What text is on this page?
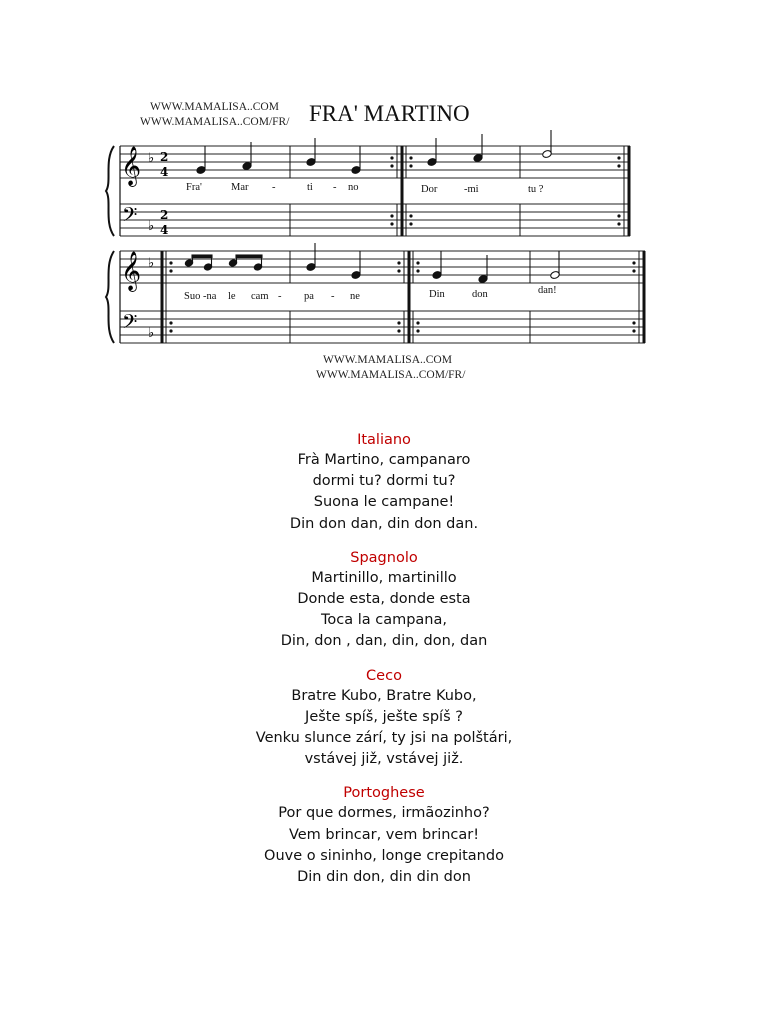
WWW.MAMALISA..COM
WWW.MAMALISA..COM/FR/ FRA' MARTINO
𝄞
𝄢
♭
♭
2
4
2
4
Fra'	Mar -	ti - no	Dor	-mi	tu ?
𝄞
𝄢
♭
♭
Suo -na le cam - pa - ne	Din	don	dan!
WWW.MAMALISA..COM
WWW.MAMALISA..COM/FR/
Italiano
Frà Martino, campanaro
dormi tu? dormi tu?
Suona le campane!
Din don dan, din don dan.
Spagnolo
Martinillo, martinillo
Donde esta, donde esta
Toca la campana,
Din, don , dan, din, don, dan
Ceco
Bratre Kubo, Bratre Kubo,
Ješte spíš, ješte spíš ?
Venku slunce zárí, ty jsi na polštári,
vstávej již, vstávej již.
Portoghese
Por que dormes, irmãozinho?
Vem brincar, vem brincar!
Ouve o sininho, longe crepitando
Din din don, din din don
